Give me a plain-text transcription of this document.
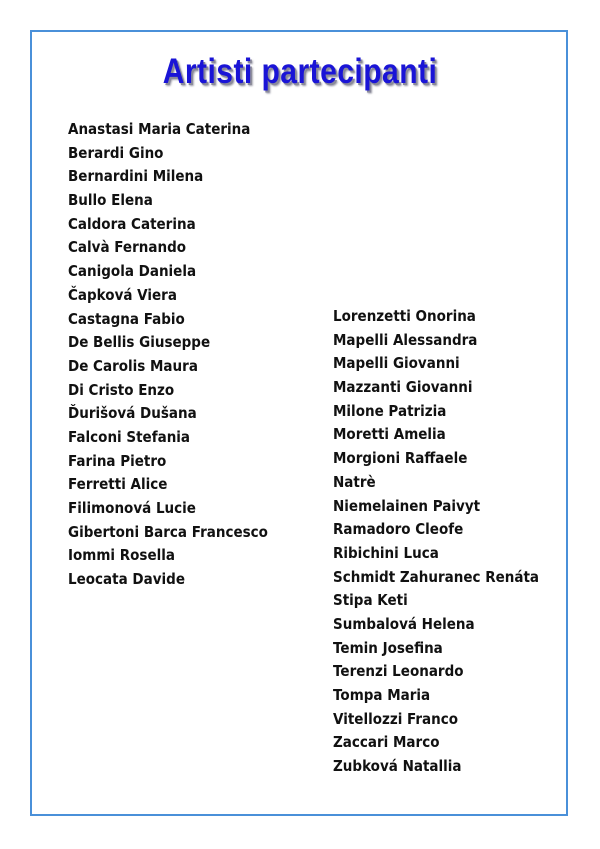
Artisti partecipanti
Anastasi Maria Caterina
Berardi Gino
Bernardini Milena
Bullo Elena
Caldora Caterina
Calvà Fernando
Canigola Daniela
Čapková Viera
Castagna Fabio
De Bellis Giuseppe
De Carolis Maura
Di Cristo Enzo
Ďurišová Dušana
Falconi Stefania
Farina Pietro
Ferretti Alice
Filimonová Lucie
Gibertoni Barca Francesco
Iommi Rosella
Leocata Davide
Lorenzetti Onorina
Mapelli Alessandra
Mapelli Giovanni
Mazzanti Giovanni
Milone Patrizia
Moretti Amelia
Morgioni Raffaele
Natrè
Niemelainen Paivyt
Ramadoro Cleofe
Ribichini Luca
Schmidt Zahuranec Renáta
Stipa Keti
Sumbalová Helena
Temin Josefina
Terenzi Leonardo
Tompa Maria
Vitellozzi Franco
Zaccari Marco
Zubková Natallia
